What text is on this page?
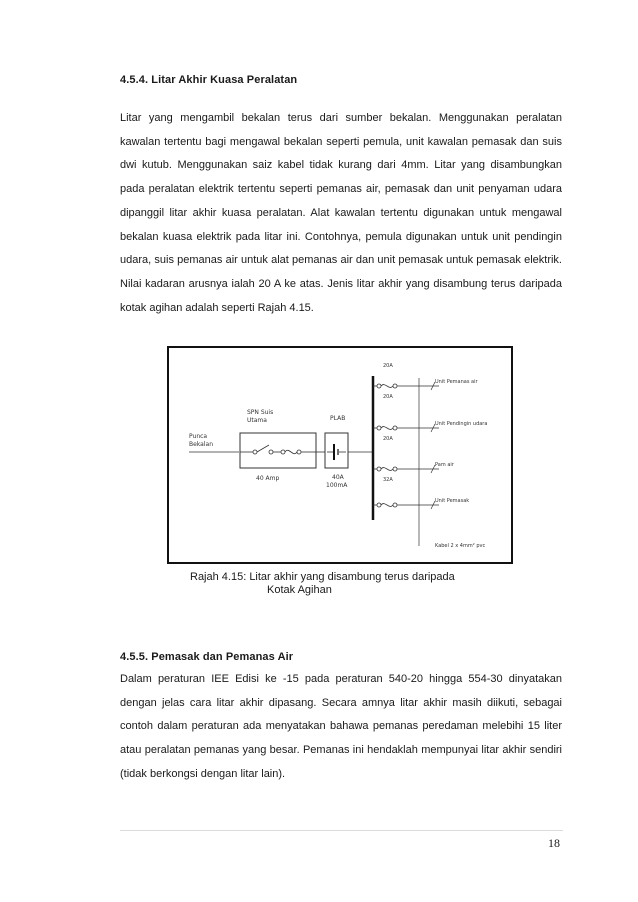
4.5.4. Litar Akhir Kuasa Peralatan
Litar yang mengambil bekalan terus dari sumber bekalan. Menggunakan peralatan kawalan tertentu bagi mengawal bekalan seperti pemula, unit kawalan pemasak dan suis dwi kutub. Menggunakan saiz kabel tidak kurang dari 4mm. Litar yang disambungkan pada peralatan elektrik tertentu seperti pemanas air, pemasak dan unit penyaman udara dipanggil litar akhir kuasa peralatan. Alat kawalan tertentu digunakan untuk mengawal bekalan kuasa elektrik pada litar ini. Contohnya, pemula digunakan untuk unit pendingin udara, suis pemanas air untuk alat pemanas air dan unit pemasak untuk pemasak elektrik. Nilai kadaran arusnya ialah 20 A ke atas. Jenis litar akhir yang disambung terus daripada kotak agihan adalah seperti Rajah 4.15.
Punca
Bekalan
SPN Suis
Utama
40 Amp
PLAB
40A
100mA
20A
Unit Pemanas air
20A
Unit Pendingin udara
20A
Pam air
32A
Unit Pemasak
Kabel 2 x 4mm² pvc
Rajah 4.15: Litar akhir yang disambung terus daripada
Kotak Agihan
4.5.5. Pemasak dan Pemanas Air
Dalam peraturan IEE Edisi ke -15 pada peraturan 540-20 hingga 554-30 dinyatakan dengan jelas cara litar akhir dipasang. Secara amnya litar akhir masih diikuti, sebagai contoh dalam peraturan ada menyatakan bahawa pemanas peredaman melebihi 15 liter atau peralatan pemanas yang besar. Pemanas ini hendaklah mempunyai litar akhir sendiri (tidak berkongsi dengan litar lain).
18
